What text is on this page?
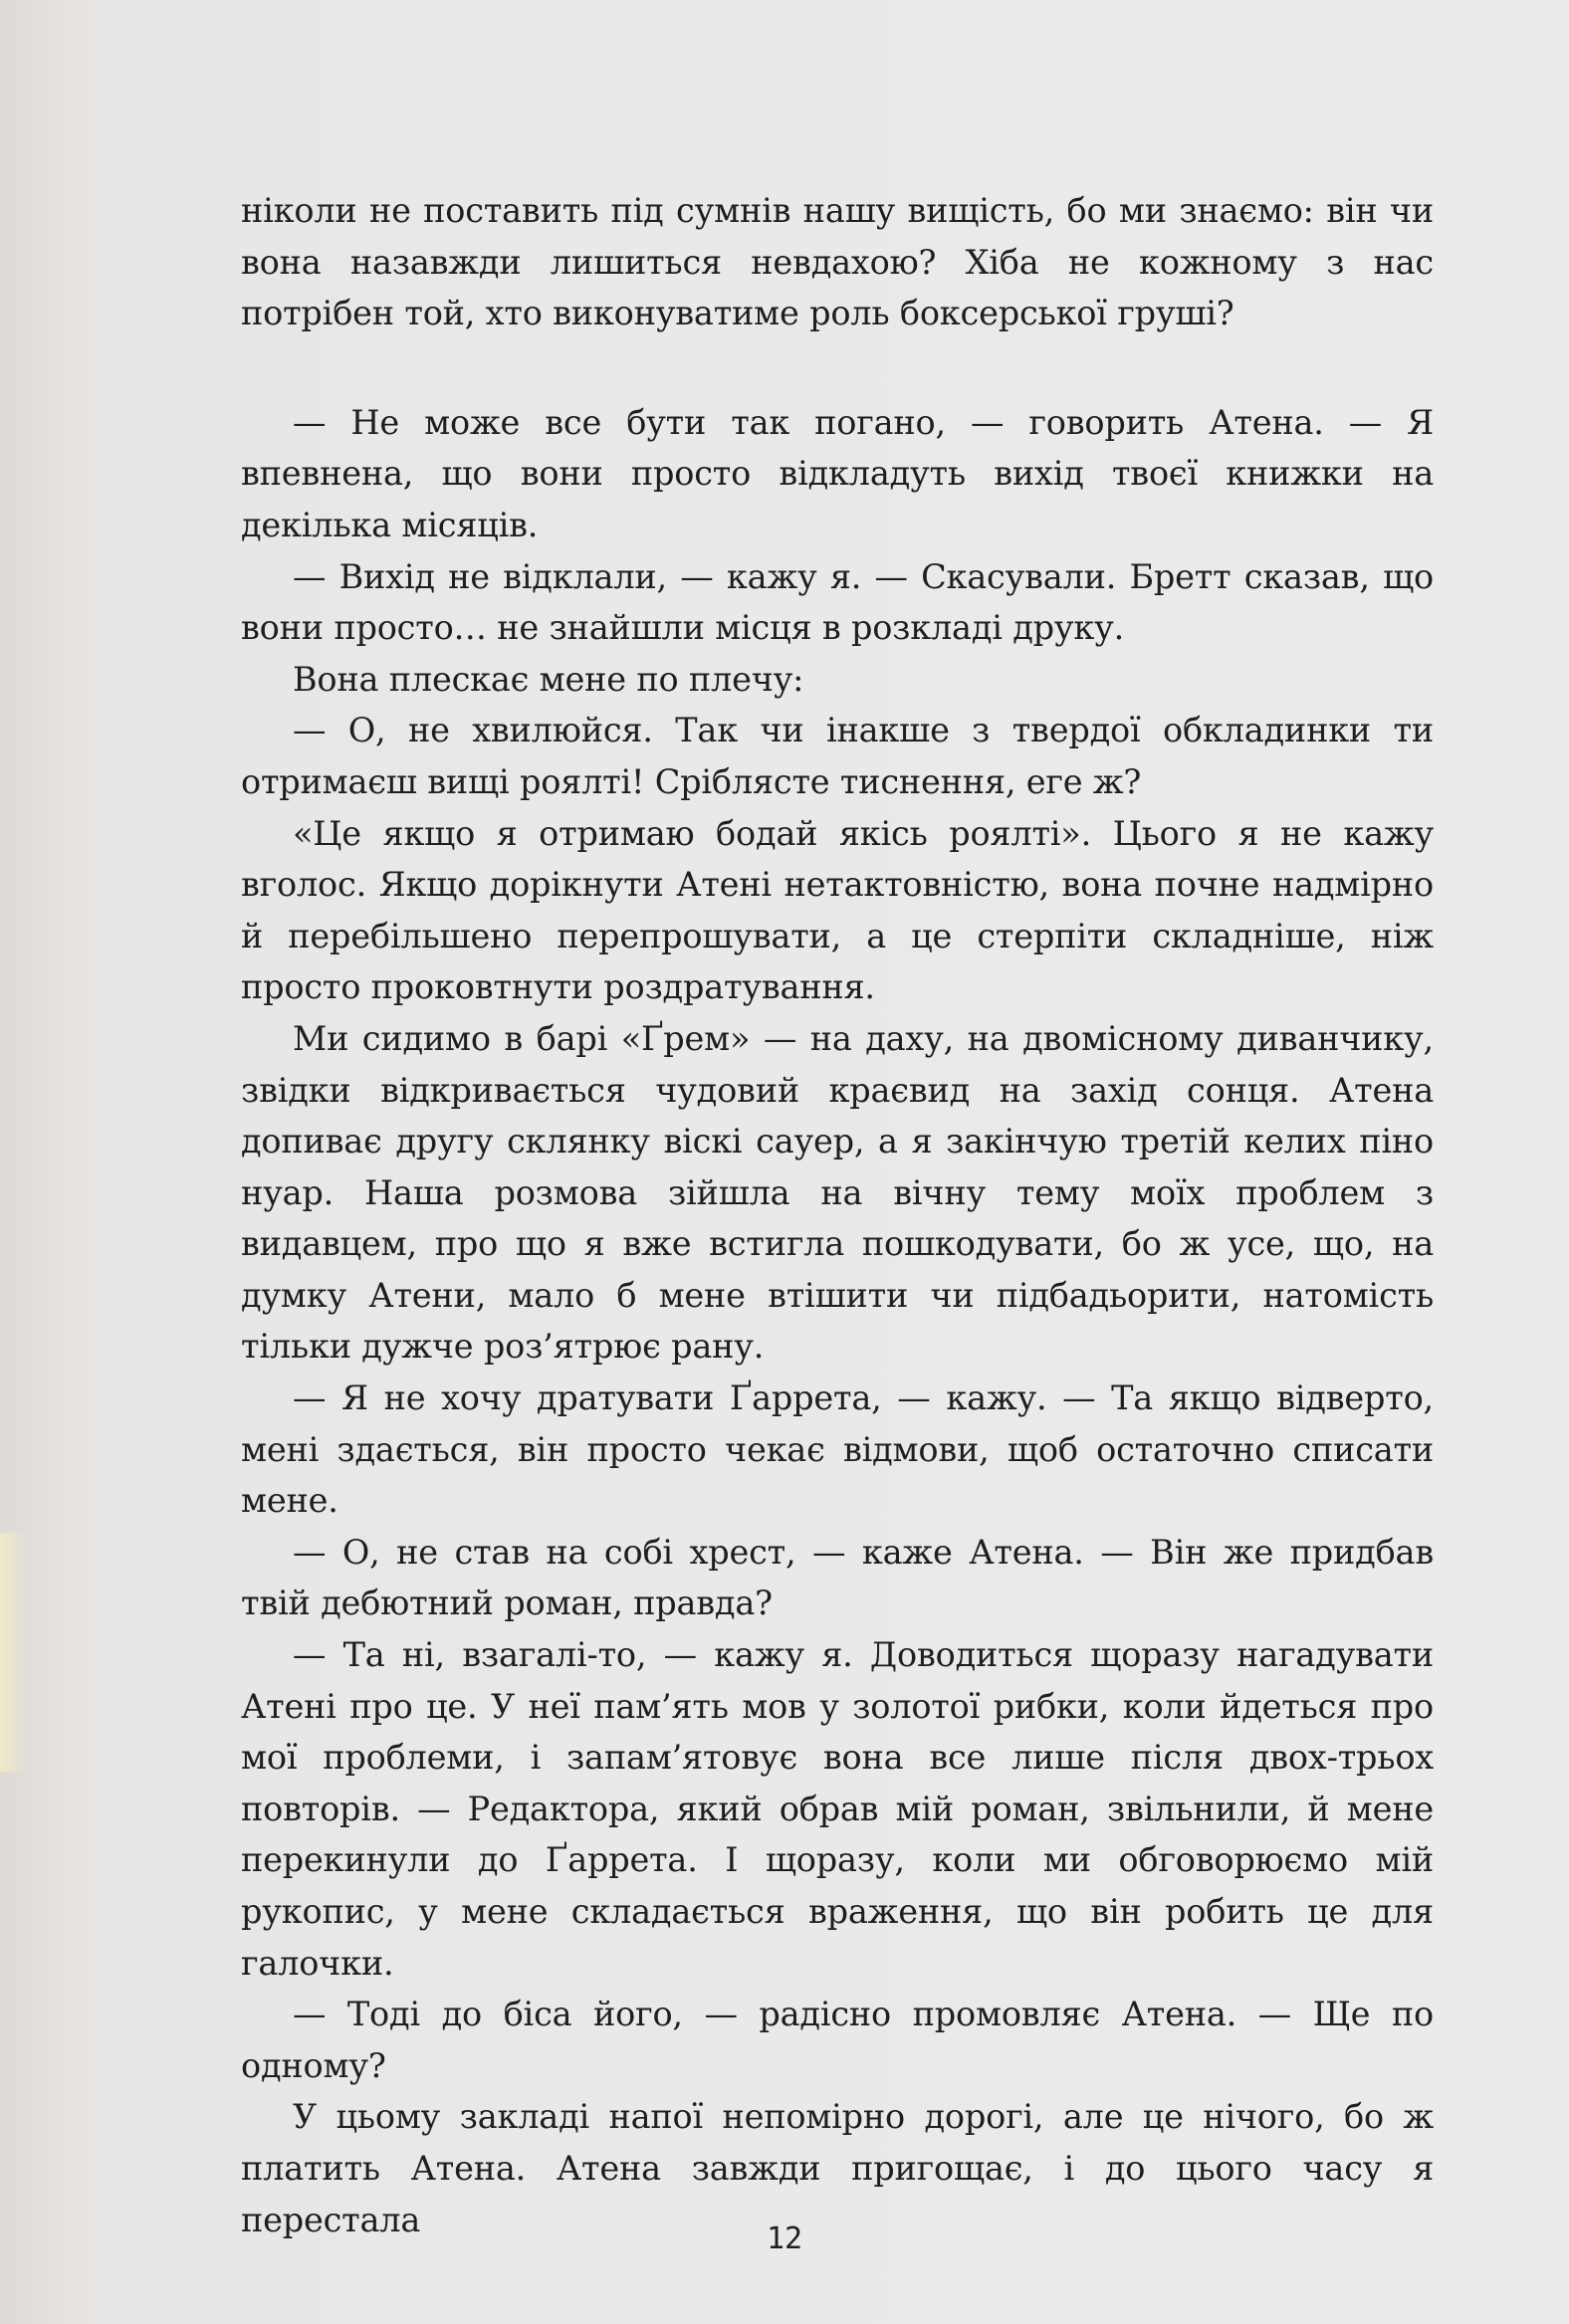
ніколи не поставить під сумнів нашу вищість, бо ми знаємо: він чи вона назавжди лишиться невдахою? Хіба не кожному з нас потрібен той, хто виконуватиме роль боксерської груші?

— Не може все бути так погано, — говорить Атена. — Я впевнена, що вони просто відкладуть вихід твоєї книжки на декілька місяців.

— Вихід не відклали, — кажу я. — Скасували. Бретт сказав, що вони просто… не знайшли місця в розкладі друку.

Вона плескає мене по плечу:

— О, не хвилюйся. Так чи інакше з твердої обкладинки ти отримаєш вищі роялті! Сріблясте тиснення, еге ж?

«Це якщо я отримаю бодай якісь роялті». Цього я не кажу вголос. Якщо дорікнути Атені нетактовністю, вона почне надмірно й перебільшено перепрошувати, а це стерпіти складніше, ніж просто проковтнути роздратування.

Ми сидимо в барі «Ґрем» — на даху, на двомісному диванчику, звідки відкривається чудовий краєвид на захід сонця. Атена допиває другу склянку віскі сауер, а я закінчую третій келих піно нуар. Наша розмова зійшла на вічну тему моїх проблем з видавцем, про що я вже встигла пошкодувати, бо ж усе, що, на думку Атени, мало б мене втішити чи підбадьорити, натомість тільки дужче роз’ятрює рану.

— Я не хочу дратувати Ґаррета, — кажу. — Та якщо відверто, мені здається, він просто чекає відмови, щоб остаточно списати мене.

— О, не став на собі хрест, — каже Атена. — Він же придбав твій дебютний роман, правда?

— Та ні, взагалі-то, — кажу я. Доводиться щоразу нагадувати Атені про це. У неї пам’ять мов у золотої рибки, коли йдеться про мої проблеми, і запам’ятовує вона все лише після двох-трьох повторів. — Редактора, який обрав мій роман, звільнили, й мене перекинули до Ґаррета. І щоразу, коли ми обговорюємо мій рукопис, у мене складається враження, що він робить це для галочки.

— Тоді до біса його, — радісно промовляє Атена. — Ще по одному?

У цьому закладі напої непомірно дорогі, але це нічого, бо ж платить Атена. Атена завжди пригощає, і до цього часу я перестала	12
